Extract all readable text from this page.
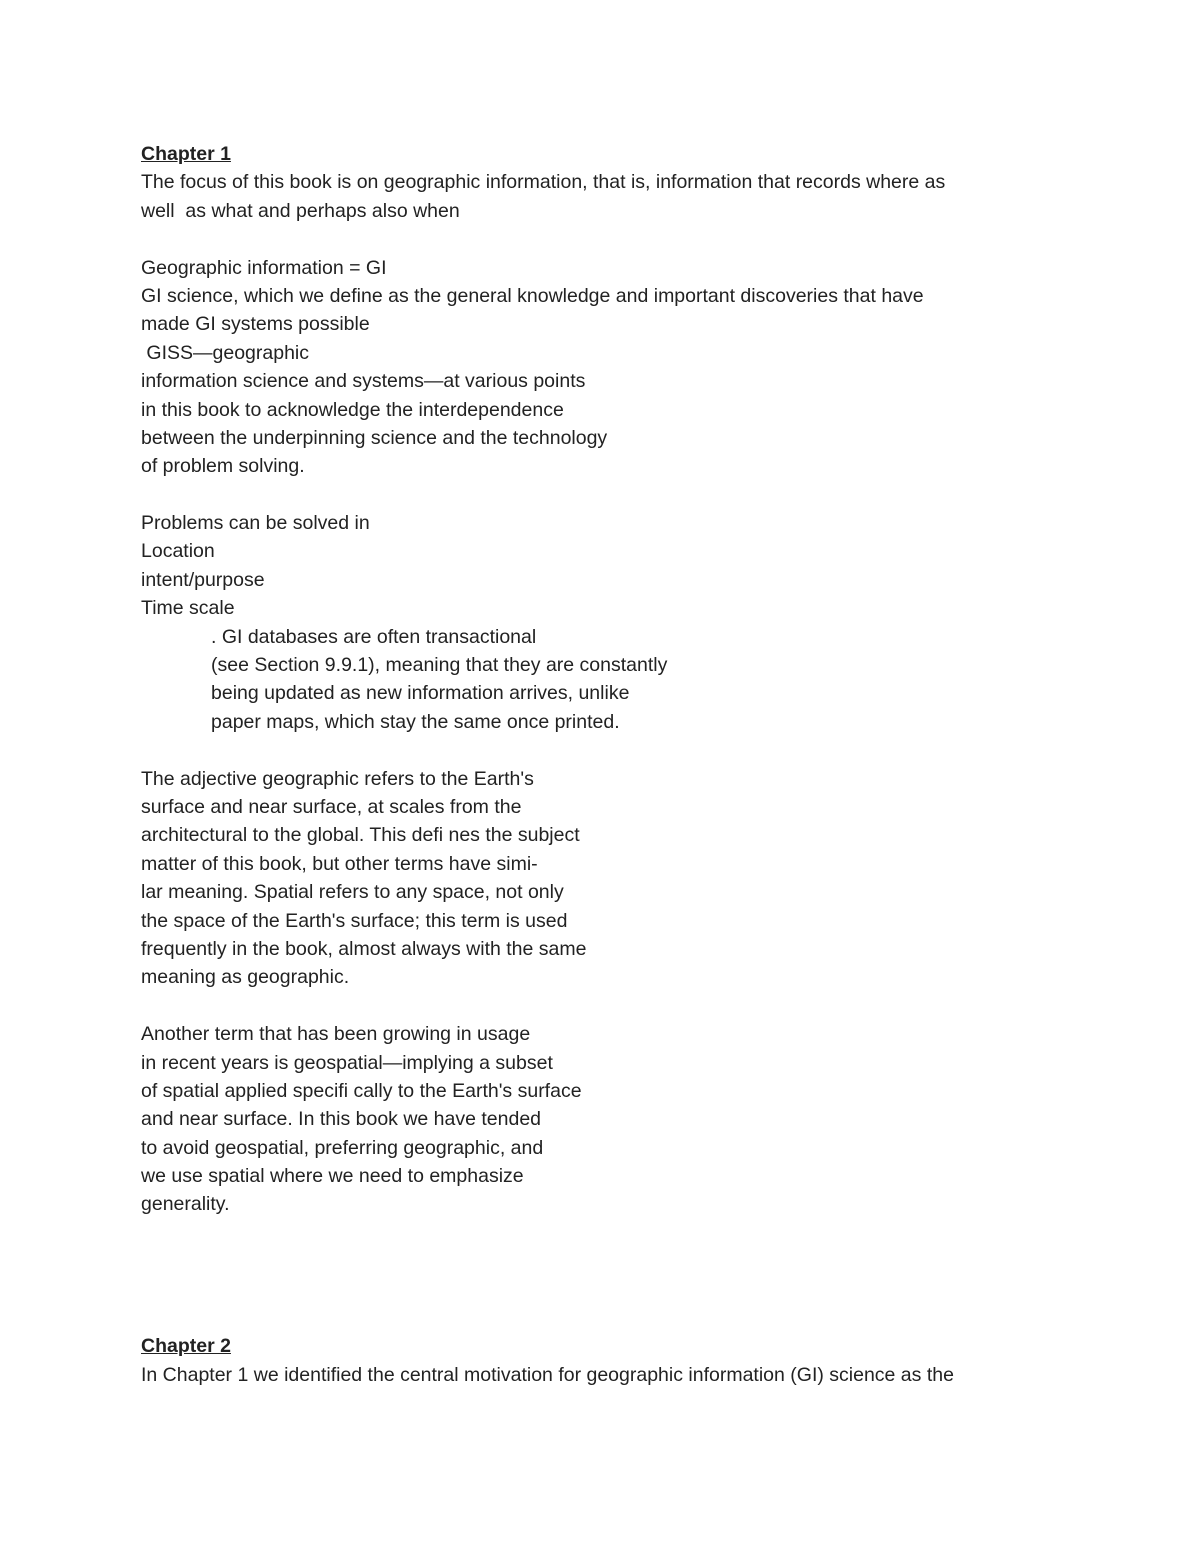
Chapter 1
The focus of this book is on geographic information, that is, information that records where as
well  as what and perhaps also when
Geographic information = GI
GI science, which we define as the general knowledge and important discoveries that have
made GI systems possible
GISS—geographic
information science and systems—at various points
in this book to acknowledge the interdependence
between the underpinning science and the technology
of problem solving.
Problems can be solved in
Location
intent/purpose
Time scale
. GI databases are often transactional
(see Section 9.9.1), meaning that they are constantly
being updated as new information arrives, unlike
paper maps, which stay the same once printed.
The adjective geographic refers to the Earth's
surface and near surface, at scales from the
architectural to the global. This defi nes the subject
matter of this book, but other terms have simi-
lar meaning. Spatial refers to any space, not only
the space of the Earth's surface; this term is used
frequently in the book, almost always with the same
meaning as geographic.
Another term that has been growing in usage
in recent years is geospatial—implying a subset
of spatial applied specifi cally to the Earth's surface
and near surface. In this book we have tended
to avoid geospatial, preferring geographic, and
we use spatial where we need to emphasize
generality.
Chapter 2
In Chapter 1 we identified the central motivation for geographic information (GI) science as the
